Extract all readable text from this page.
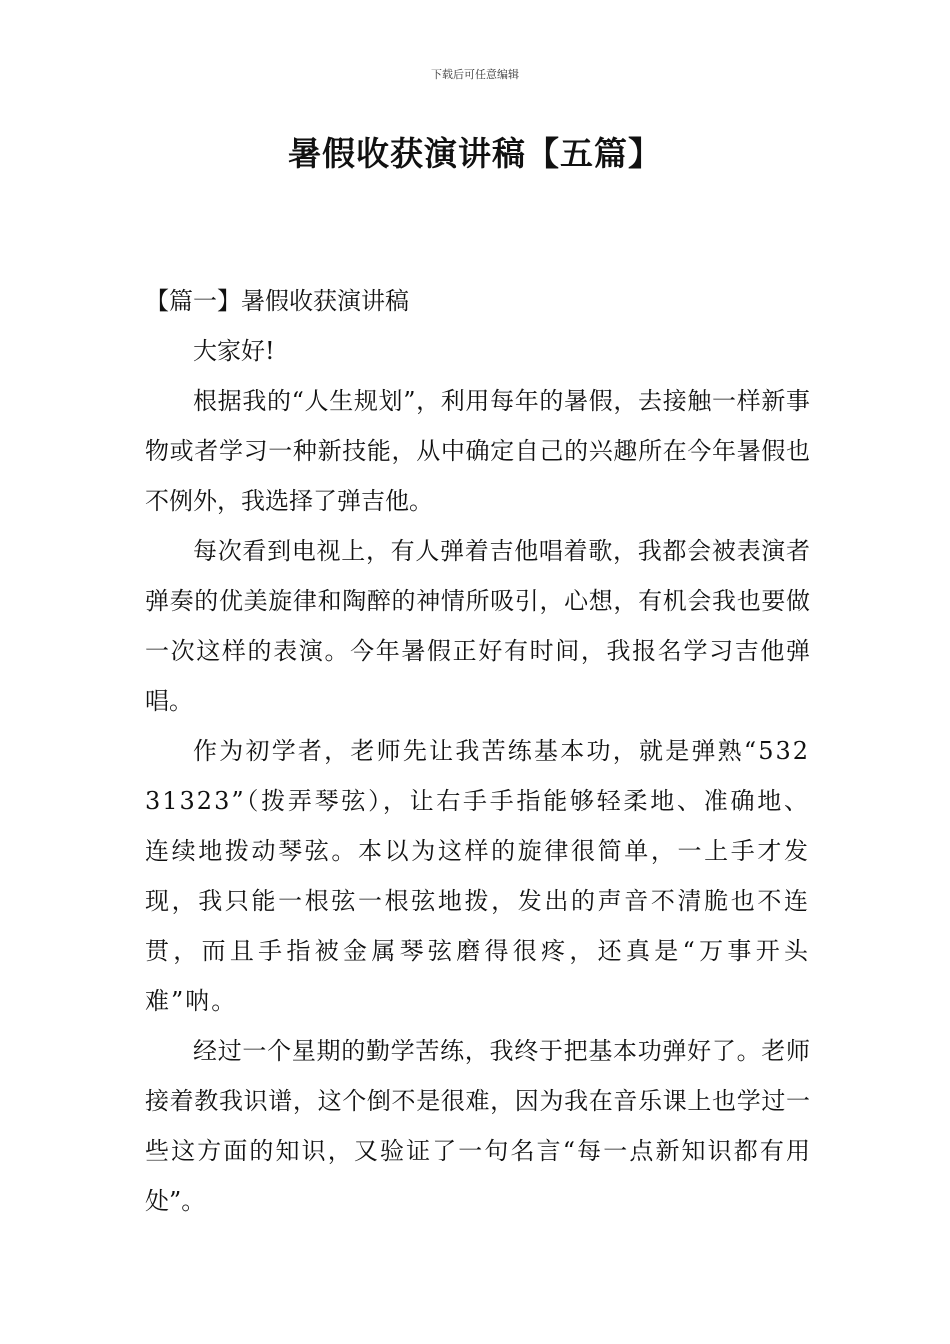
下载后可任意编辑
暑假收获演讲稿【五篇】

【篇一】暑假收获演讲稿

大家好!

根据我的“人生规划”，利用每年的暑假，去接触一样新事物或者学习一种新技能，从中确定自己的兴趣所在今年暑假也不例外，我选择了弹吉他。

每次看到电视上，有人弹着吉他唱着歌，我都会被表演者弹奏的优美旋律和陶醉的神情所吸引，心想，有机会我也要做一次这样的表演。今年暑假正好有时间，我报名学习吉他弹唱。

作为初学者，老师先让我苦练基本功，就是弹熟“53231323”（拨弄琴弦），让右手手指能够轻柔地、准确地、连续地拨动琴弦。本以为这样的旋律很简单，一上手才发现，我只能一根弦一根弦地拨，发出的声音不清脆也不连贯，而且手指被金属琴弦磨得很疼，还真是“万事开头难”呐。

经过一个星期的勤学苦练，我终于把基本功弹好了。老师接着教我识谱，这个倒不是很难，因为我在音乐课上也学过一些这方面的知识，又验证了一句名言“每一点新知识都有用处”。
